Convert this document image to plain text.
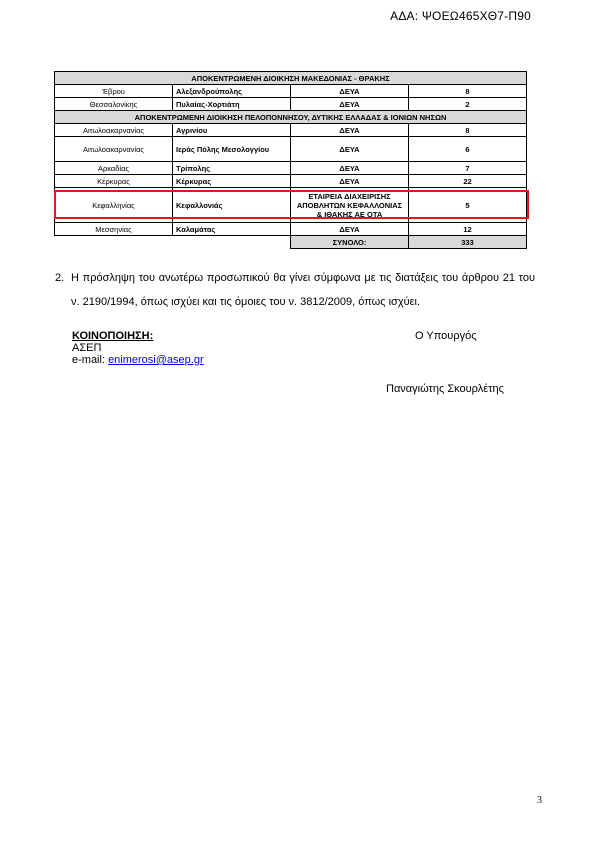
ΑΔΑ: ΨΟΕΩ465ΧΘ7-Π90
ΑΠΟΚΕΝΤΡΩΜΕΝΗ ΔΙΟΙΚΗΣΗ ΜΑΚΕΔΟΝΙΑΣ - ΘΡΑΚΗΣ			
Έβρου	Αλεξανδρούπολης	ΔΕΥΑ	8
Θεσσαλονίκης	Πυλαίας-Χορτιάτη	ΔΕΥΑ	2
ΑΠΟΚΕΝΤΡΩΜΕΝΗ ΔΙΟΙΚΗΣΗ ΠΕΛΟΠΟΝΝΗΣΟΥ, ΔΥΤΙΚΗΣ ΕΛΛΑΔΑΣ & ΙΟΝΙΩΝ ΝΗΣΩΝ			
Αιτωλοακαρνανίας	Αγρινίου	ΔΕΥΑ	8
Αιτωλοακαρνανίας	Ιεράς Πόλης Μεσολογγίου	ΔΕΥΑ	6
Αρκαδίας	Τρίπολης	ΔΕΥΑ	7
Κέρκυρας	Κέρκυρας	ΔΕΥΑ	22
Κεφαλληνίας	Κεφαλλονιάς	ΕΤΑΙΡΕΙΑ ΔΙΑΧΕΙΡΙΣΗΣ ΑΠΟΒΛΗΤΩΝ ΚΕΦΑΛΛΟΝΙΑΣ & ΙΘΑΚΗΣ ΑΕ ΟΤΑ	5
Μεσσηνίας	Καλαμάτας	ΔΕΥΑ	12
		ΣΥΝΟΛΟ:	333
2. Η πρόσληψη του ανωτέρω προσωπικού θα γίνει σύμφωνα με τις διατάξεις του άρθρου 21 του ν. 2190/1994, όπως ισχύει και τις όμοιες του ν. 3812/2009, όπως ισχύει.
ΚΟΙΝΟΠΟΙΗΣΗ:
ΑΣΕΠ
e-mail: enimerosi@asep.gr
Ο Υπουργός
Παναγιώτης Σκουρλέτης
3
